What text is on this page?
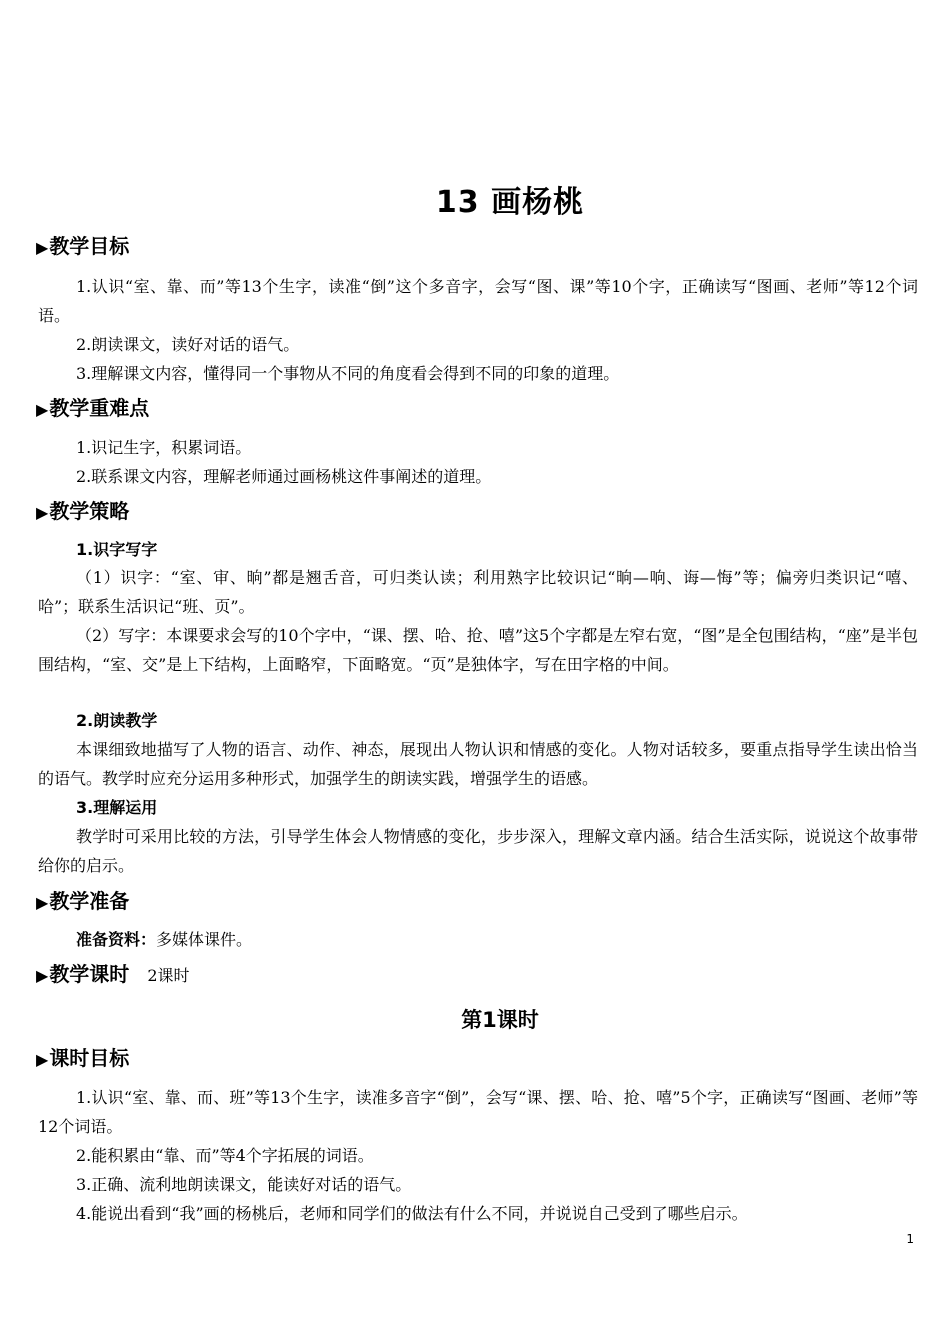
13 画杨桃
▶教学目标
1.认识“室、靠、而”等13个生字，读准“倒”这个多音字，会写“图、课”等10个字，正确读写“图画、老师”等12个词语。
2.朗读课文，读好对话的语气。
3.理解课文内容，懂得同一个事物从不同的角度看会得到不同的印象的道理。
▶教学重难点
1.识记生字，积累词语。
2.联系课文内容，理解老师通过画杨桃这件事阐述的道理。
▶教学策略
1.识字写字
（1）识字：“室、审、晌”都是翘舌音，可归类认读；利用熟字比较识记“晌—响、诲—悔”等；偏旁归类识记“嘻、哈”；联系生活识记“班、页”。
（2）写字：本课要求会写的10个字中，“课、摆、哈、抢、嘻”这5个字都是左窄右宽，“图”是全包围结构，“座”是半包围结构，“室、交”是上下结构，上面略窄，下面略宽。“页”是独体字，写在田字格的中间。
2.朗读教学
本课细致地描写了人物的语言、动作、神态，展现出人物认识和情感的变化。人物对话较多，要重点指导学生读出恰当的语气。教学时应充分运用多种形式，加强学生的朗读实践，增强学生的语感。
3.理解运用
教学时可采用比较的方法，引导学生体会人物情感的变化，步步深入，理解文章内涵。结合生活实际，说说这个故事带给你的启示。
▶教学准备
准备资料：多媒体课件。
▶教学课时 2课时
第1课时
▶课时目标
1.认识“室、靠、而、班”等13个生字，读准多音字“倒”，会写“课、摆、哈、抢、嘻”5个字，正确读写“图画、老师”等12个词语。
2.能积累由“靠、而”等4个字拓展的词语。
3.正确、流利地朗读课文，能读好对话的语气。
4.能说出看到“我”画的杨桃后，老师和同学们的做法有什么不同，并说说自己受到了哪些启示。
1
